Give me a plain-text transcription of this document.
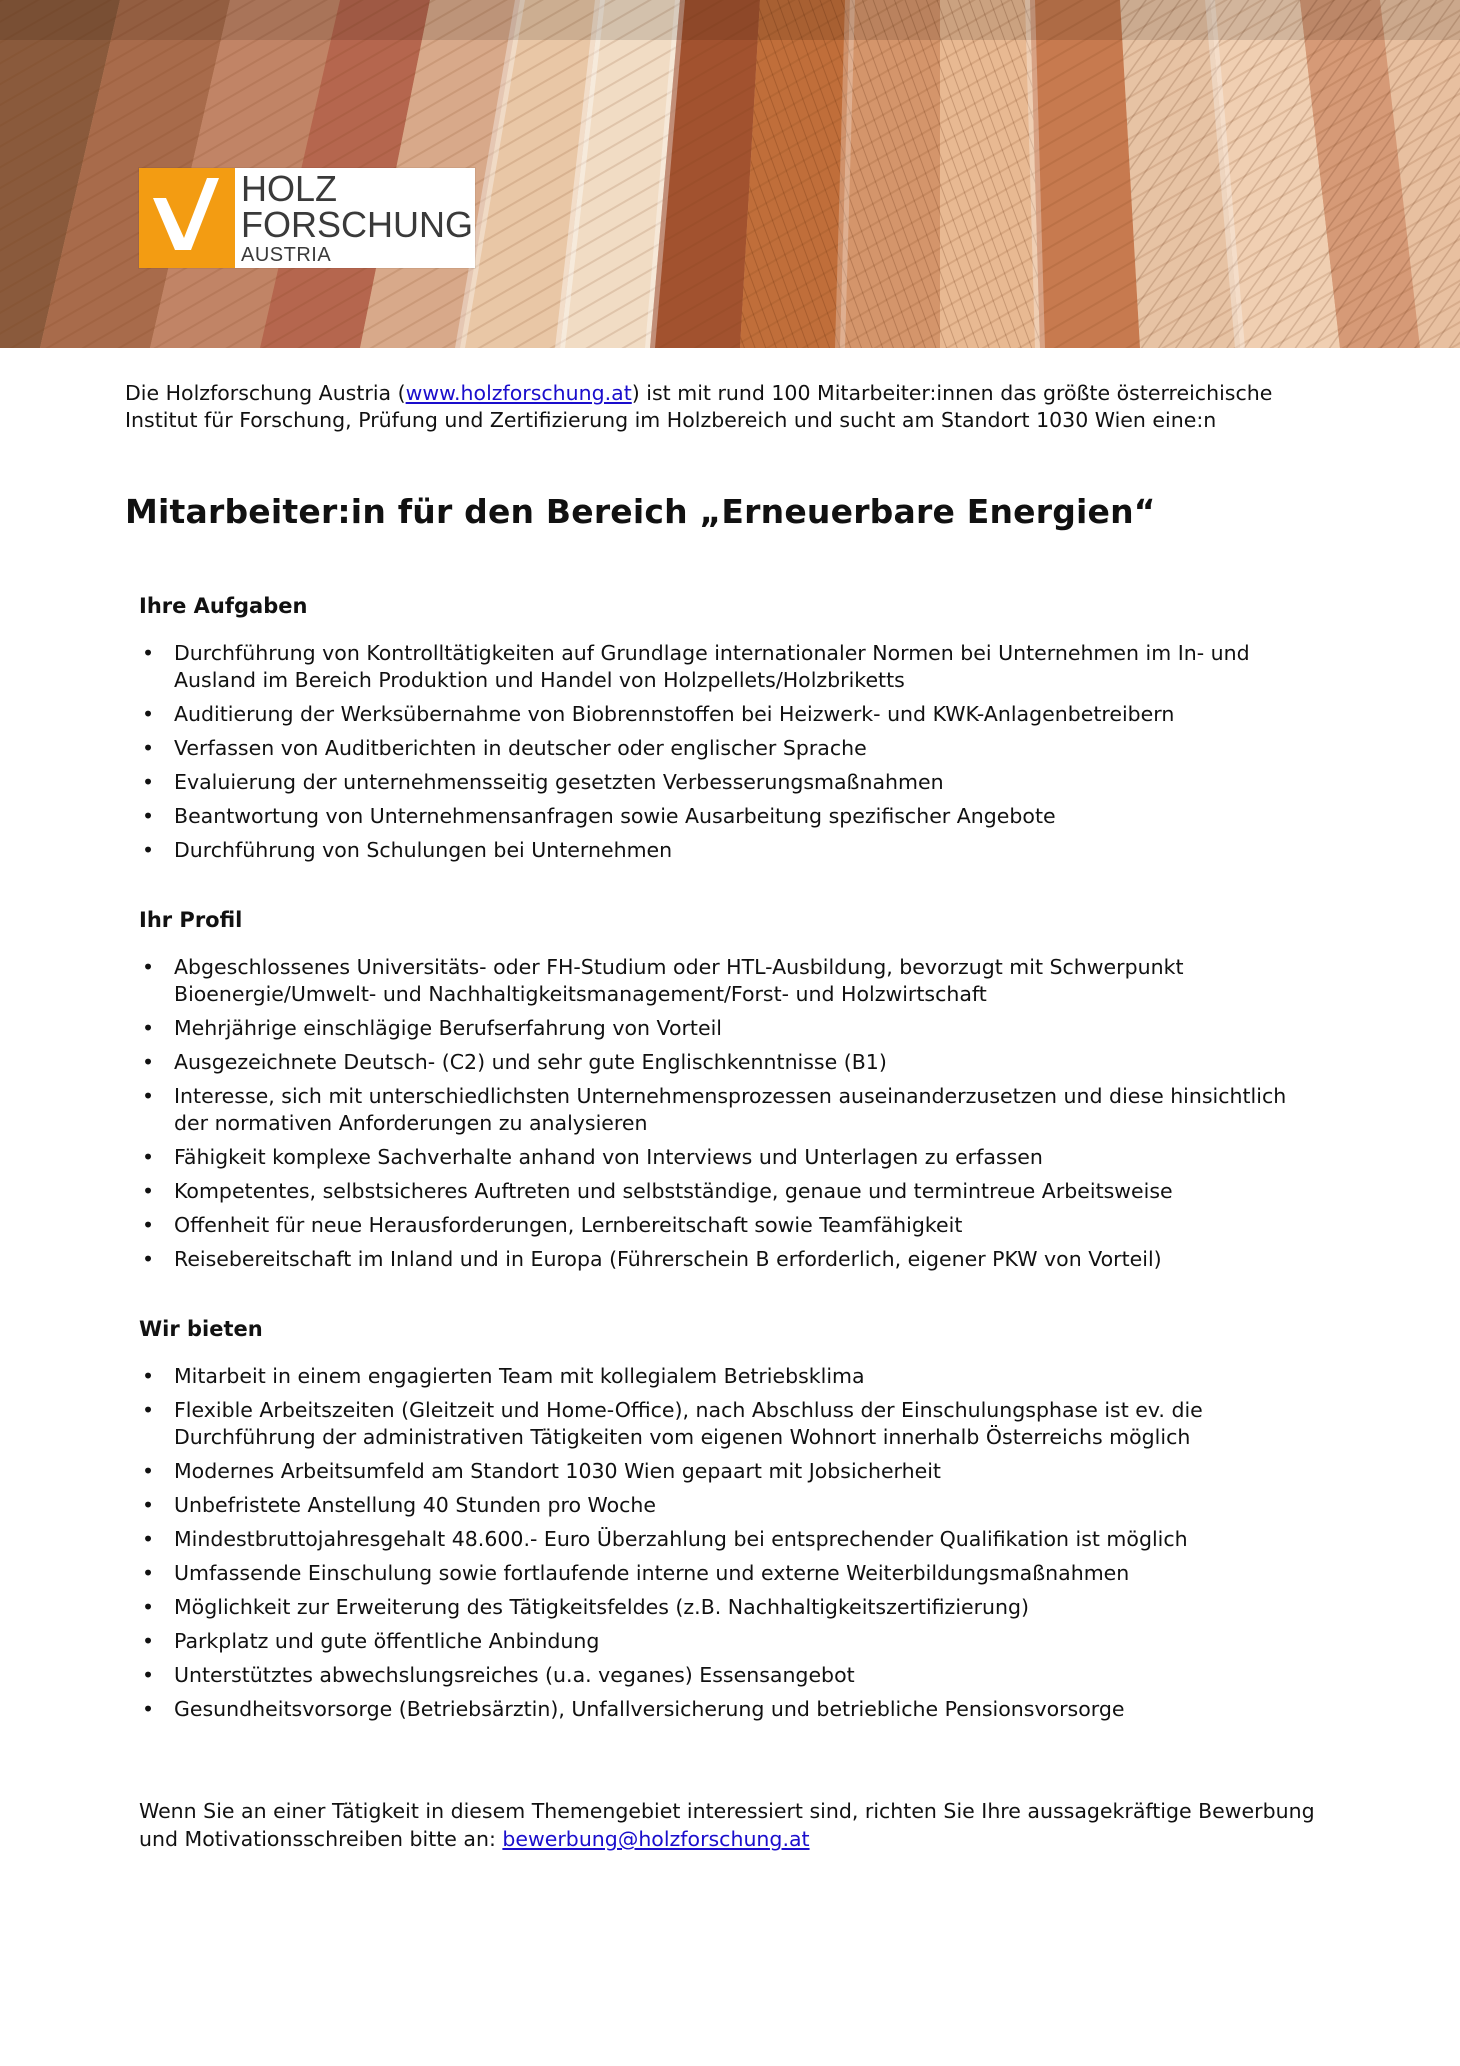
HOLZ
FORSCHUNG
AUSTRIA

Die Holzforschung Austria (www.holzforschung.at) ist mit rund 100 Mitarbeiter:innen das größte österreichische Institut für Forschung, Prüfung und Zertifizierung im Holzbereich und sucht am Standort 1030 Wien eine:n

Mitarbeiter:in für den Bereich „Erneuerbare Energien“
Ihre Aufgaben
• Durchführung von Kontrolltätigkeiten auf Grundlage internationaler Normen bei Unternehmen im In- und Ausland im Bereich Produktion und Handel von Holzpellets/Holzbriketts
• Auditierung der Werksübernahme von Biobrennstoffen bei Heizwerk- und KWK-Anlagenbetreibern
• Verfassen von Auditberichten in deutscher oder englischer Sprache
• Evaluierung der unternehmensseitig gesetzten Verbesserungsmaßnahmen
• Beantwortung von Unternehmensanfragen sowie Ausarbeitung spezifischer Angebote
• Durchführung von Schulungen bei Unternehmen
Ihr Profil
• Abgeschlossenes Universitäts- oder FH-Studium oder HTL-Ausbildung, bevorzugt mit Schwerpunkt Bioenergie/Umwelt- und Nachhaltigkeitsmanagement/Forst- und Holzwirtschaft
• Mehrjährige einschlägige Berufserfahrung von Vorteil
• Ausgezeichnete Deutsch- (C2) und sehr gute Englischkenntnisse (B1)
• Interesse, sich mit unterschiedlichsten Unternehmensprozessen auseinanderzusetzen und diese hinsichtlich der normativen Anforderungen zu analysieren
• Fähigkeit komplexe Sachverhalte anhand von Interviews und Unterlagen zu erfassen
• Kompetentes, selbstsicheres Auftreten und selbstständige, genaue und termintreue Arbeitsweise
• Offenheit für neue Herausforderungen, Lernbereitschaft sowie Teamfähigkeit
• Reisebereitschaft im Inland und in Europa (Führerschein B erforderlich, eigener PKW von Vorteil)
Wir bieten
• Mitarbeit in einem engagierten Team mit kollegialem Betriebsklima
• Flexible Arbeitszeiten (Gleitzeit und Home-Office), nach Abschluss der Einschulungsphase ist ev. die Durchführung der administrativen Tätigkeiten vom eigenen Wohnort innerhalb Österreichs möglich
• Modernes Arbeitsumfeld am Standort 1030 Wien gepaart mit Jobsicherheit
• Unbefristete Anstellung 40 Stunden pro Woche
• Mindestbruttojahresgehalt 48.600.- Euro Überzahlung bei entsprechender Qualifikation ist möglich
• Umfassende Einschulung sowie fortlaufende interne und externe Weiterbildungsmaßnahmen
• Möglichkeit zur Erweiterung des Tätigkeitsfeldes (z.B. Nachhaltigkeitszertifizierung)
• Parkplatz und gute öffentliche Anbindung
• Unterstütztes abwechslungsreiches (u.a. veganes) Essensangebot
• Gesundheitsvorsorge (Betriebsärztin), Unfallversicherung und betriebliche Pensionsvorsorge

Wenn Sie an einer Tätigkeit in diesem Themengebiet interessiert sind, richten Sie Ihre aussagekräftige Bewerbung und Motivationsschreiben bitte an: bewerbung@holzforschung.at
